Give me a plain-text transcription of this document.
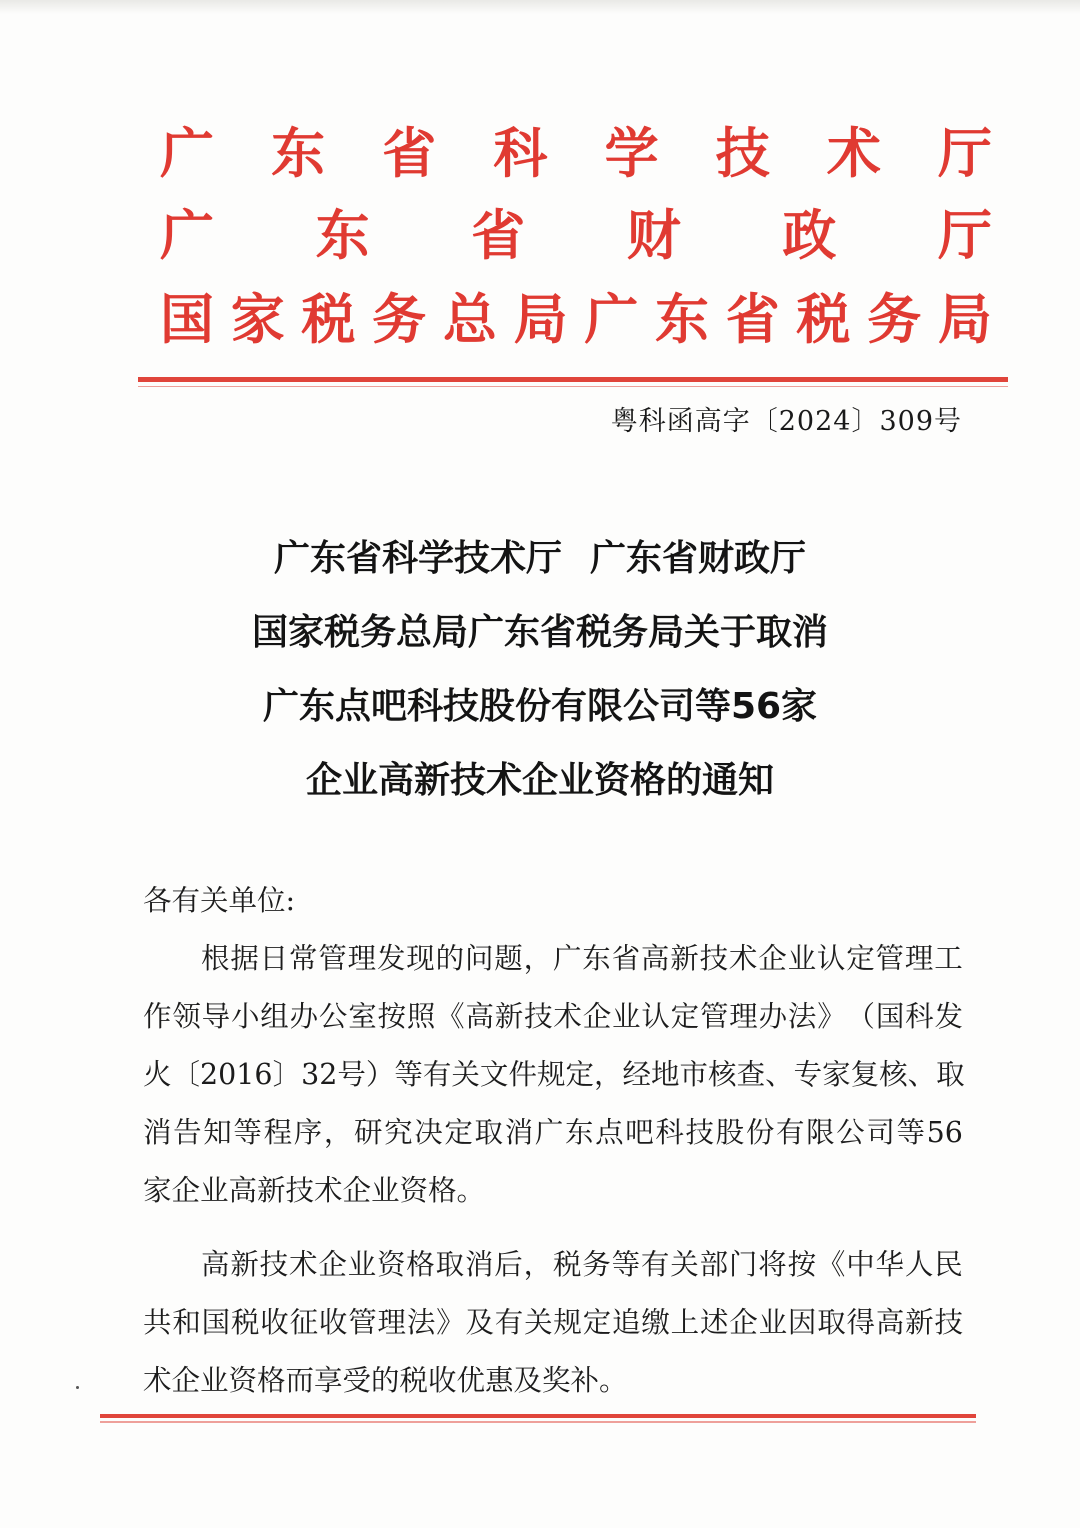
广 东 省 科 学 技 术 厅
广 东 省 财 政 厅
国 家 税 务 总 局 广 东 省 税 务 局
粤科函高字〔2024〕309号
广东省科学技术厅 广东省财政厅
国家税务总局广东省税务局关于取消
广东点吧科技股份有限公司等56家
企业高新技术企业资格的通知
各有关单位:
根 据 日 常 管 理 发 现 的 问 题 ， 广 东 省 高 新 技 术 企 业 认 定 管 理 工
作 领 导 小 组 办 公 室 按 照 《 高 新 技 术 企 业 认 定 管 理 办 法 》 （ 国 科 发
火 〔 2016 〕 32 号 ） 等 有 关 文 件 规 定 ， 经 地 市 核 查 、 专 家 复 核 、 取
消 告 知 等 程 序 ， 研 究 决 定 取 消 广 东 点 吧 科 技 股 份 有 限 公 司 等 56
家企业高新技术企业资格。
高 新 技 术 企 业 资 格 取 消 后 ， 税 务 等 有 关 部 门 将 按 《 中 华 人 民
共 和 国 税 收 征 收 管 理 法 》 及 有 关 规 定 追 缴 上 述 企 业 因 取 得 高 新 技
术企业资格而享受的税收优惠及奖补。
